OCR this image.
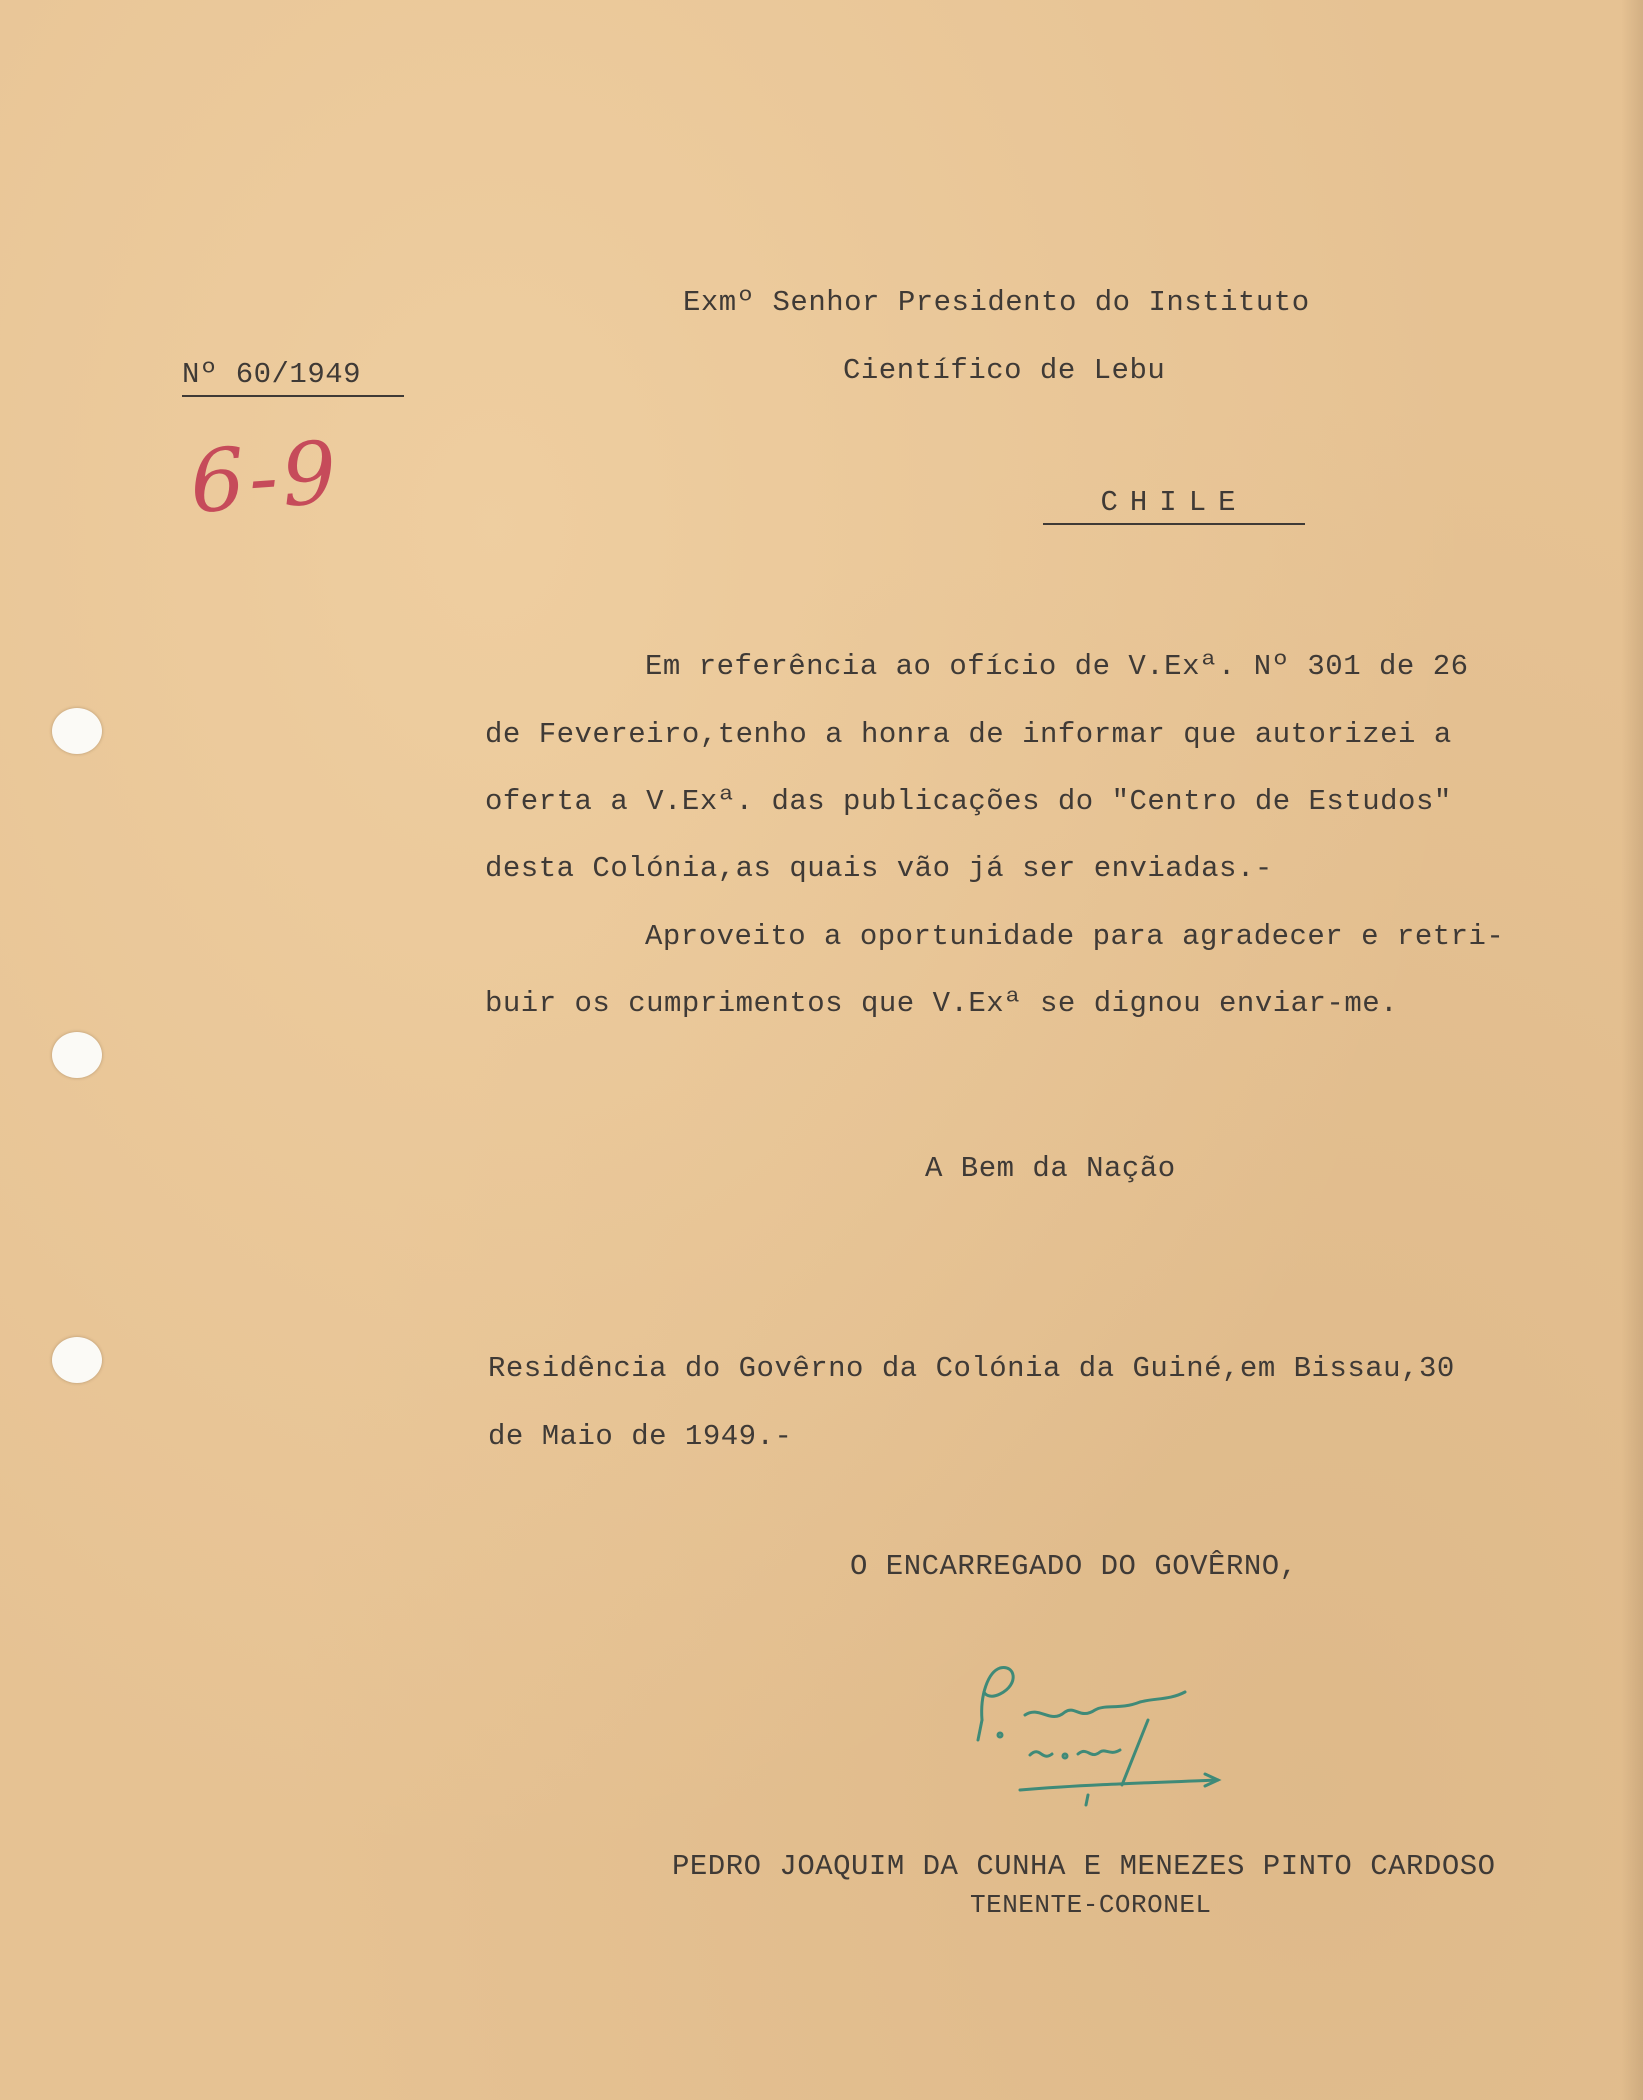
Nº 60/1949
6-9
Exmº Senhor Presidento do Instituto
Científico de Lebu
CHILE
Em referência ao ofício de V.Exª. Nº 301 de 26
de Fevereiro,tenho a honra de informar que autorizei a
oferta a V.Exª. das publicações do "Centro de Estudos"
desta Colónia,as quais vão já ser enviadas.-
Aproveito a oportunidade para agradecer e retri-
buir os cumprimentos que V.Exª se dignou enviar-me.
A Bem da Nação
Residência do Govêrno da Colónia da Guiné,em Bissau,30
de Maio de 1949.-
O ENCARREGADO DO GOVÊRNO,
PEDRO JOAQUIM DA CUNHA E MENEZES PINTO CARDOSO
TENENTE-CORONEL
